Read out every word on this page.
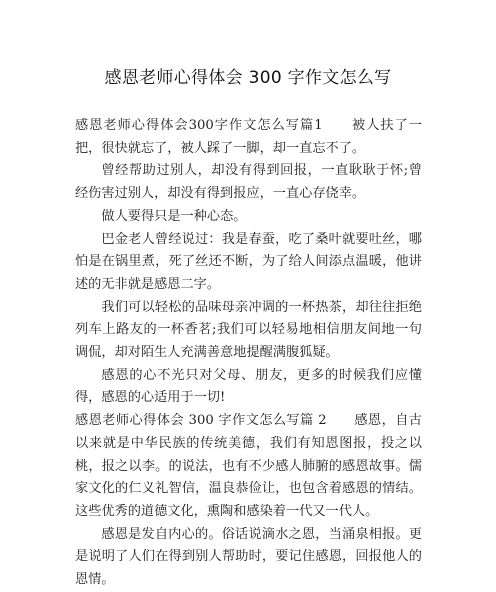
感恩老师心得体会 300 字作文怎么写

感恩老师心得体会300字作文怎么写篇1　　被人扶了一把，很快就忘了，被人踩了一脚，却一直忘不了。

曾经帮助过别人，却没有得到回报，一直耿耿于怀;曾经伤害过别人，却没有得到报应，一直心存侥幸。

做人要得只是一种心态。

巴金老人曾经说过：我是春蚕，吃了桑叶就要吐丝，哪怕是在锅里煮，死了丝还不断，为了给人间添点温暖，他讲述的无非就是感恩二字。

我们可以轻松的品味母亲冲调的一杯热茶，却往往拒绝列车上路友的一杯香茗;我们可以轻易地相信朋友间地一句调侃，却对陌生人充满善意地提醒满腹狐疑。

感恩的心不光只对父母、朋友，更多的时候我们应懂得，感恩的心适用于一切!

感恩老师心得体会 300 字作文怎么写篇 2　　感恩，自古以来就是中华民族的传统美德，我们有知恩图报，投之以桃，报之以李。的说法，也有不少感人肺腑的感恩故事。儒家文化的仁义礼智信，温良恭俭让，也包含着感恩的情结。这些优秀的道德文化，熏陶和感染着一代又一代人。

感恩是发自内心的。俗话说滴水之恩，当涌泉相报。更是说明了人们在得到别人帮助时，要记住感恩，回报他人的恩情。
